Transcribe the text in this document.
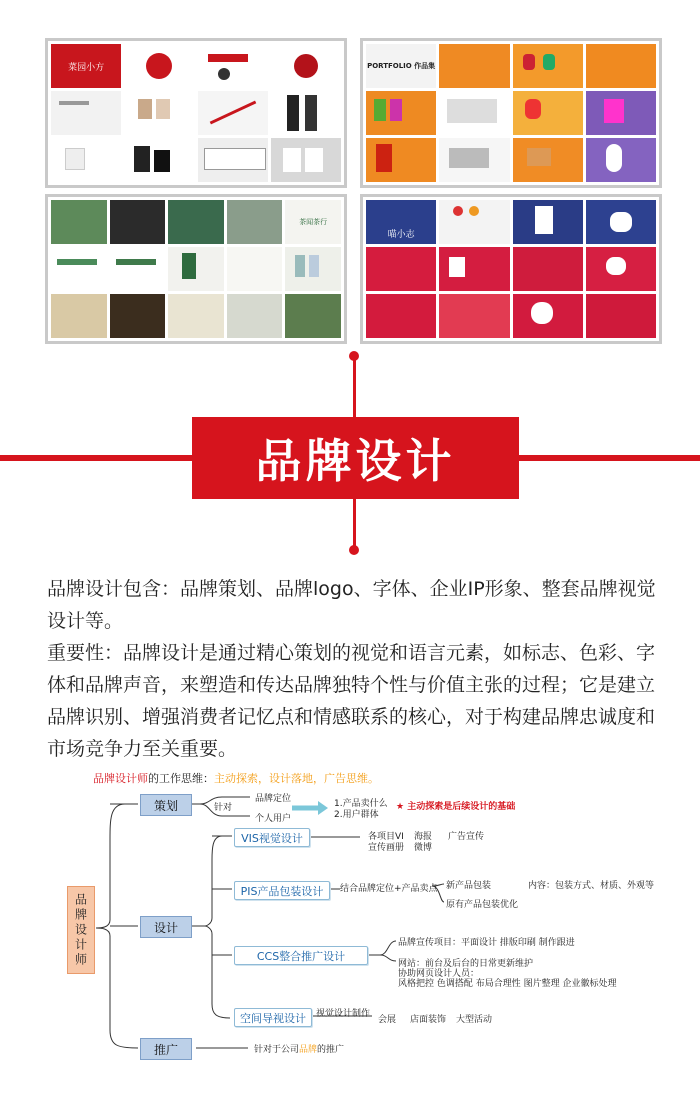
菜园小方	PORTFOLIO 作品集
茶闻茶行
喵小志
品牌设计

品牌设计包含：品牌策划、品牌logo、字体、企业IP形象、整套品牌视觉设计等。

重要性：品牌设计是通过精心策划的视觉和语言元素，如标志、色彩、字体和品牌声音，来塑造和传达品牌独特个性与价值主张的过程；它是建立品牌识别、增强消费者记忆点和情感联系的核心，对于构建品牌忠诚度和市场竞争力至关重要。

品牌设计师的工作思维：主动探索，设计落地，广告思维。
品牌设计师
策划	针对
品牌定位
个人用户
1.产品卖什么
2.用户群体
★ 主动探索是后续设计的基础
设计
VIS视觉设计	各项目VI
宣传画册
海报
微博
广告宣传
PIS产品包装设计	结合品牌定位+产品卖点 新产品包装
原有产品包装优化
内容：包装方式、材质、外观等
CCS整合推广设计
品牌宣传项目：平面设计 排版印刷 制作跟进
网站：前台及后台的日常更新维护
协助网页设计人员：
风格把控 色调搭配 布局合理性 图片整理 企业徽标处理
空间导视设计	视觉设计制作
会展 店面装饰 大型活动
推广	针对于公司品牌的推广
